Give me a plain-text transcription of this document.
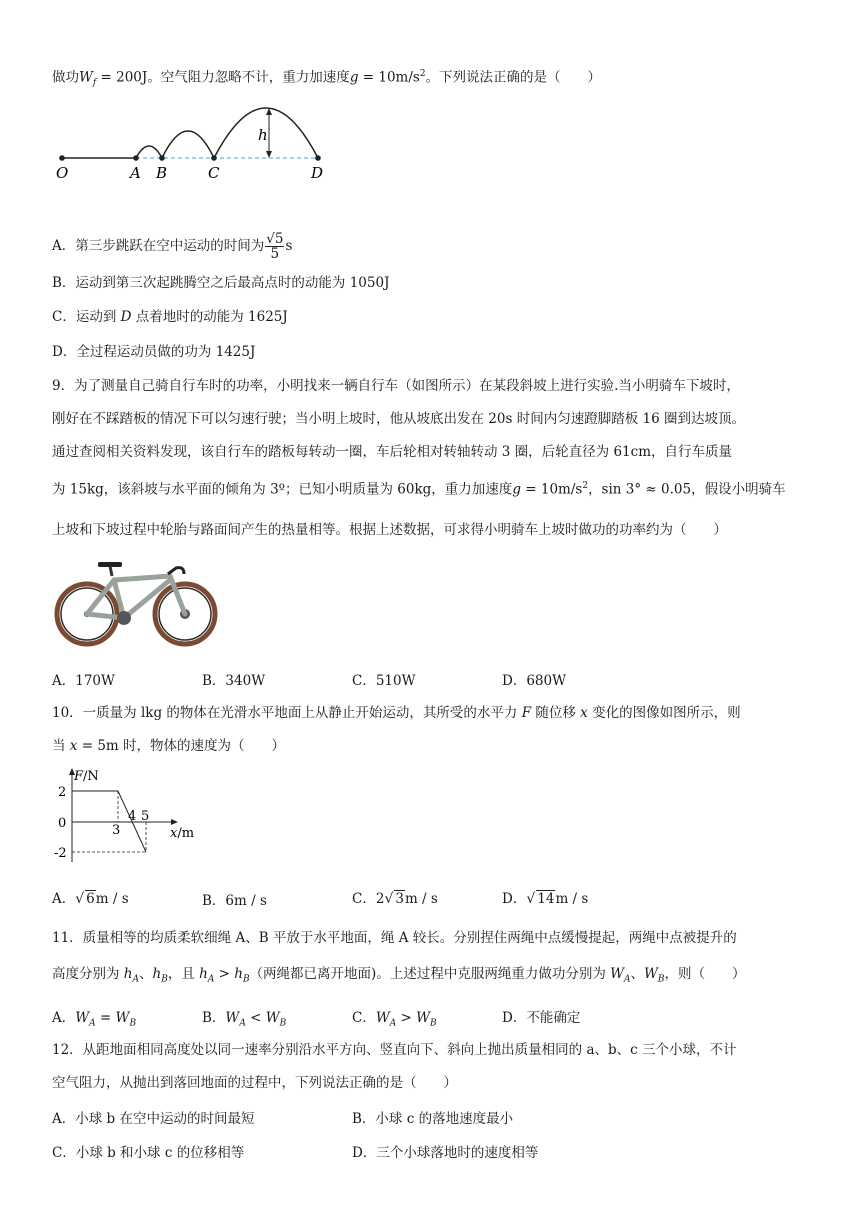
做功$W_f = 200J$。空气阻力忽略不计，重力加速度$g = 10m/s^2$。下列说法正确的是（　　）
h
O	A B	C	D
A．第三步跳跃在空中运动的时间为 $\frac{√5}{5}$ s
B．运动到第三次起跳腾空之后最高点时的动能为 1050J
C．运动到 D 点着地时的动能为 1625J
D．全过程运动员做的功为 1425J
9．为了测量自己骑自行车时的功率，小明找来一辆自行车（如图所示）在某段斜坡上进行实验.当小明骑车下坡时，
刚好在不踩踏板的情况下可以匀速行驶；当小明上坡时，他从坡底出发在 20s 时间内匀速蹬脚踏板 16 圈到达坡顶。
通过查阅相关资料发现，该自行车的踏板每转动一圈，车后轮相对转轴转动 3 圈，后轮直径为 61cm，自行车质量
为 15kg，该斜坡与水平面的倾角为 3º；已知小明质量为 60kg，重力加速度$g = 10m/s^2$，sin 3° ≈ 0.05，假设小明骑车
上坡和下坡过程中轮胎与路面间产生的热量相等。根据上述数据，可求得小明骑车上坡时做功的功率约为（　　）
A．170W	B．340W	C．510W	D．680W
10．一质量为 lkg 的物体在光滑水平地面上从静止开始运动，其所受的水平力 F 随位移 x 变化的图像如图所示，则
当 x = 5m 时，物体的速度为（　　）
F/N
x/m
2
0
-2
3
4 5
A．√ 6m / s	B．6m / s	C．2√ 3m / s	D．√ 14m / s
11．质量相等的均质柔软细绳 A、B 平放于水平地面，绳 A 较长。分别捏住两绳中点缓慢提起，两绳中点被提升的
高度分别为 $h_A$、$h_B$，且 $h_A > h_B$（两绳都已离开地面)。上述过程中克服两绳重力做功分别为 $W_A$、$W_B$，则（　　）
A．$W_A = W_B$	B．$W_A < W_B$	C．$W_A > W_B$	D．不能确定
12．从距地面相同高度处以同一速率分别沿水平方向、竖直向下、斜向上抛出质量相同的 a、b、c 三个小球，不计
空气阻力，从抛出到落回地面的过程中，下列说法正确的是（　　）
A．小球 b 在空中运动的时间最短	B．小球 c 的落地速度最小
C．小球 b 和小球 c 的位移相等	D．三个小球落地时的速度相等
